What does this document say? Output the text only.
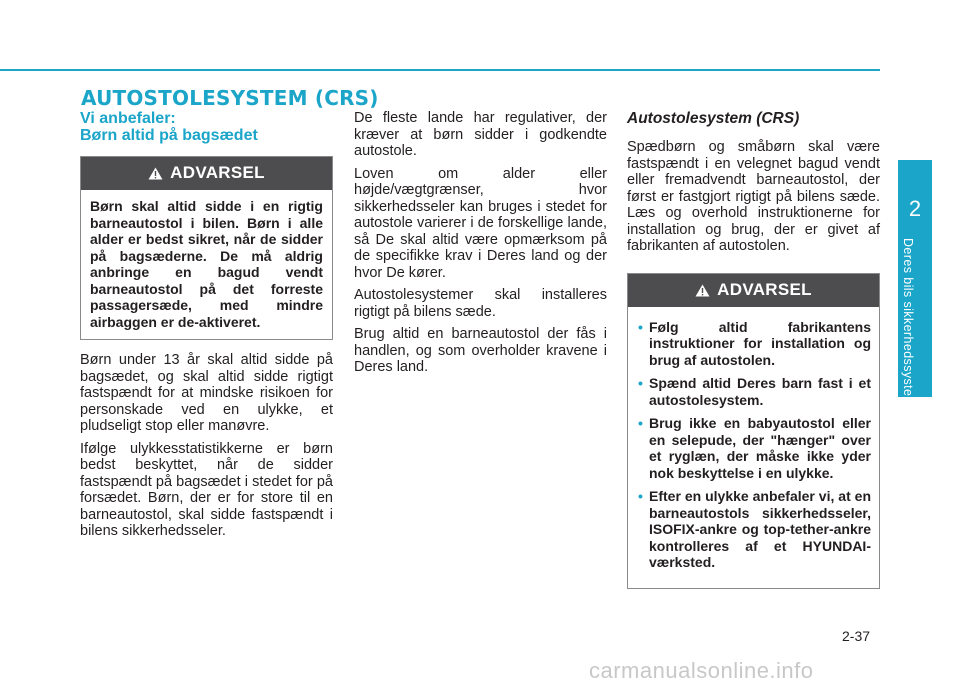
AUTOSTOLESYSTEM (CRS)
Vi anbefaler:
Børn altid på bagsædet
ADVARSEL
Børn skal altid sidde i en rigtig barneautostol i bilen. Børn i alle alder er bedst sikret, når de sidder på bagsæderne. De må aldrig anbringe en bagud vendt barneautostol på det forreste passagersæde, med mindre airbaggen er de-aktiveret.

Børn under 13 år skal altid sidde på bagsædet, og skal altid sidde rigtigt fastspændt for at mindske risikoen for personskade ved en ulykke, et pludseligt stop eller manøvre.

Ifølge ulykkesstatistikkerne er børn bedst beskyttet, når de sidder fastspændt på bagsædet i stedet for på forsædet. Børn, der er for store til en barneautostol, skal sidde fastspændt i bilens sikkerhedsseler.

De fleste lande har regulativer, der kræver at børn sidder i godkendte autostole.

Loven om alder eller højde/vægtgrænser, hvor sikkerhedsseler kan bruges i stedet for autostole varierer i de forskellige lande, så De skal altid være opmærksom på de specifikke krav i Deres land og der hvor De kører.

Autostolesystemer skal installeres rigtigt på bilens sæde.

Brug altid en barneautostol der fås i handlen, og som overholder kravene i Deres land.

Autostolesystem (CRS)

Spædbørn og småbørn skal være fastspændt i en velegnet bagud vendt eller fremadvendt barneautostol, der først er fastgjort rigtigt på bilens sæde. Læs og overhold instruktionerne for installation og brug, der er givet af fabrikanten af autostolen.

ADVARSEL
• Følg altid fabrikantens instruktioner for installation og brug af autostolen.
• Spænd altid Deres barn fast i et autostolesystem.
• Brug ikke en babyautostol eller en selepude, der "hænger" over et ryglæn, der måske ikke yder nok beskyttelse i en ulykke.
• Efter en ulykke anbefaler vi, at en barneautostols sikkerhedsseler, ISOFIX-ankre og top-tether-ankre kontrolleres af et HYUNDAI-værksted.
2
Deres bils sikkerhedssystem
2-37
carmanualsonline.info
